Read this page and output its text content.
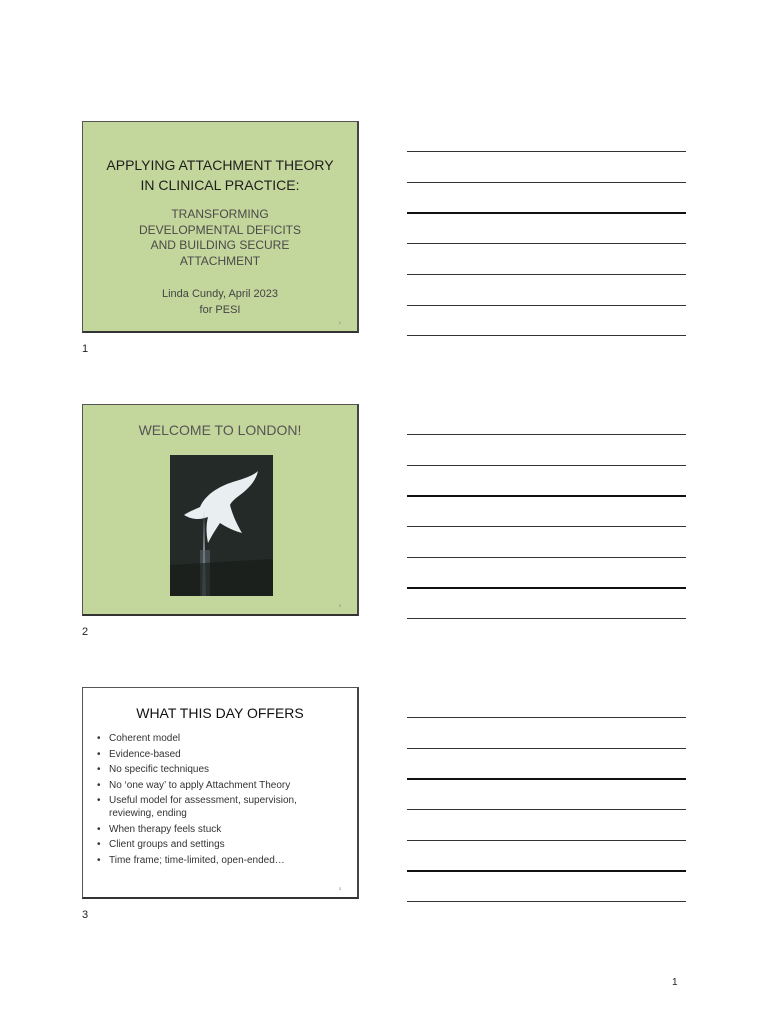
APPLYING ATTACHMENT THEORY
IN CLINICAL PRACTICE:
TRANSFORMING
DEVELOPMENTAL DEFICITS
AND BUILDING SECURE
ATTACHMENT
Linda Cundy, April 2023
for PESI
1
1
WELCOME TO LONDON!
2
2
WHAT THIS DAY OFFERS
• Coherent model
• Evidence-based
• No specific techniques
• No ‘one way’ to apply Attachment Theory
• Useful model for assessment, supervision, reviewing, ending
• When therapy feels stuck
• Client groups and settings
• Time frame; time-limited, open-ended…
3
3
1
